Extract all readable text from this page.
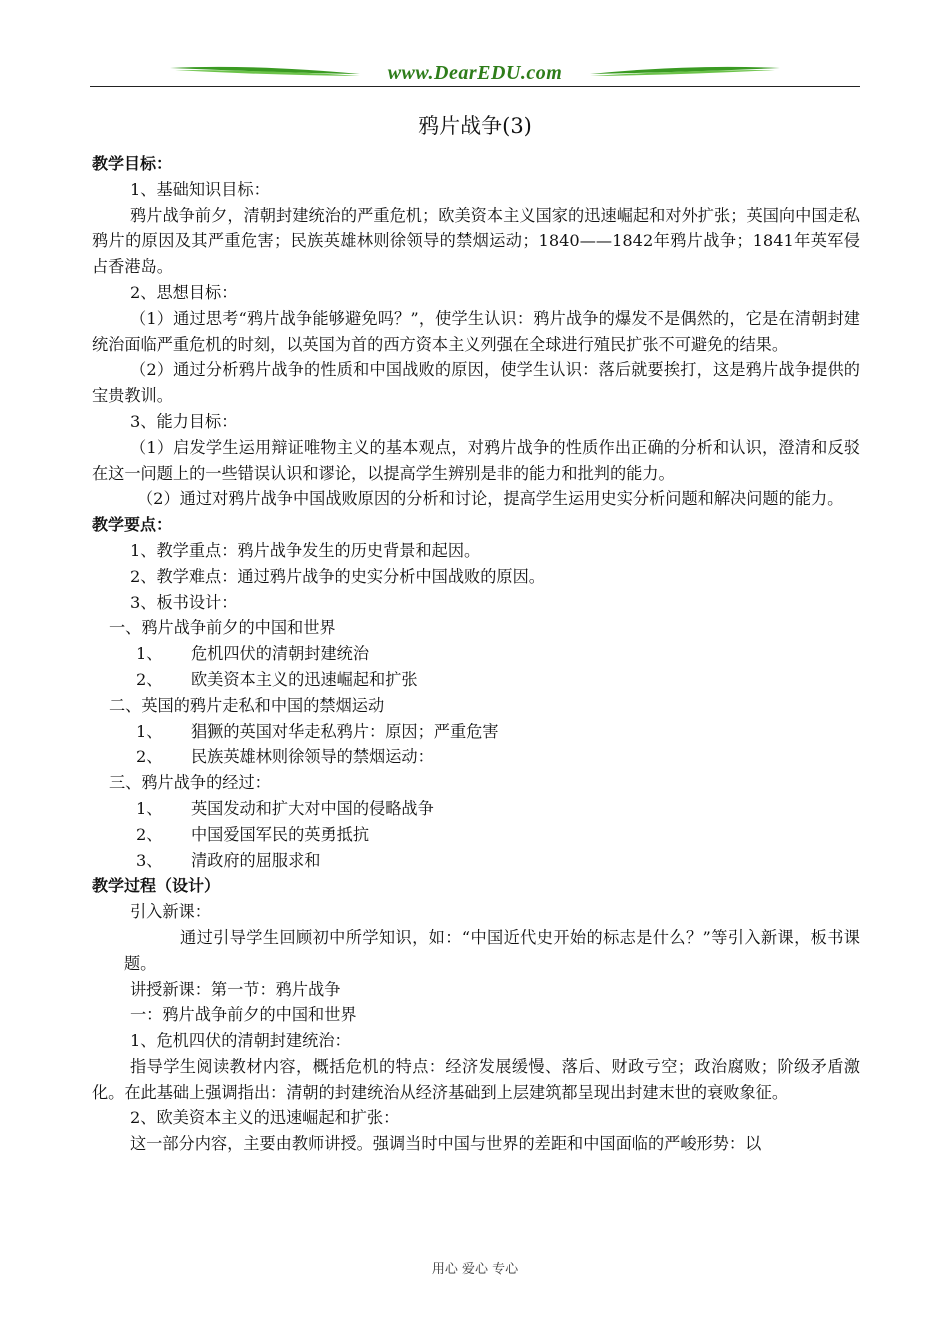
www.DearEDU.com
鸦片战争(3)

教学目标：

1、基础知识目标：

鸦片战争前夕，清朝封建统治的严重危机；欧美资本主义国家的迅速崛起和对外扩张；英国向中国走私鸦片的原因及其严重危害；民族英雄林则徐领导的禁烟运动；1840——1842年鸦片战争；1841年英军侵占香港岛。

2、思想目标：

（1）通过思考“鸦片战争能够避免吗？”，使学生认识：鸦片战争的爆发不是偶然的，它是在清朝封建统治面临严重危机的时刻，以英国为首的西方资本主义列强在全球进行殖民扩张不可避免的结果。

（2）通过分析鸦片战争的性质和中国战败的原因，使学生认识：落后就要挨打，这是鸦片战争提供的宝贵教训。

3、能力目标：

（1）启发学生运用辩证唯物主义的基本观点，对鸦片战争的性质作出正确的分析和认识，澄清和反驳在这一问题上的一些错误认识和谬论，以提高学生辨别是非的能力和批判的能力。

（2）通过对鸦片战争中国战败原因的分析和讨论，提高学生运用史实分析问题和解决问题的能力。

教学要点：

1、教学重点：鸦片战争发生的历史背景和起因。

2、教学难点：通过鸦片战争的史实分析中国战败的原因。

3、板书设计：

一、鸦片战争前夕的中国和世界

1、 危机四伏的清朝封建统治

2、 欧美资本主义的迅速崛起和扩张

二、英国的鸦片走私和中国的禁烟运动

1、 猖獗的英国对华走私鸦片：原因；严重危害

2、 民族英雄林则徐领导的禁烟运动：

三、鸦片战争的经过：

1、 英国发动和扩大对中国的侵略战争

2、 中国爱国军民的英勇抵抗

3、 清政府的屈服求和

教学过程（设计）

引入新课：

通过引导学生回顾初中所学知识，如：“中国近代史开始的标志是什么？”等引入新课，板书课题。

讲授新课：第一节：鸦片战争

一：鸦片战争前夕的中国和世界

1、危机四伏的清朝封建统治：

指导学生阅读教材内容，概括危机的特点：经济发展缓慢、落后、财政亏空；政治腐败；阶级矛盾激化。在此基础上强调指出：清朝的封建统治从经济基础到上层建筑都呈现出封建末世的衰败象征。

2、欧美资本主义的迅速崛起和扩张：

这一部分内容，主要由教师讲授。强调当时中国与世界的差距和中国面临的严峻形势：以

用心 爱心 专心
